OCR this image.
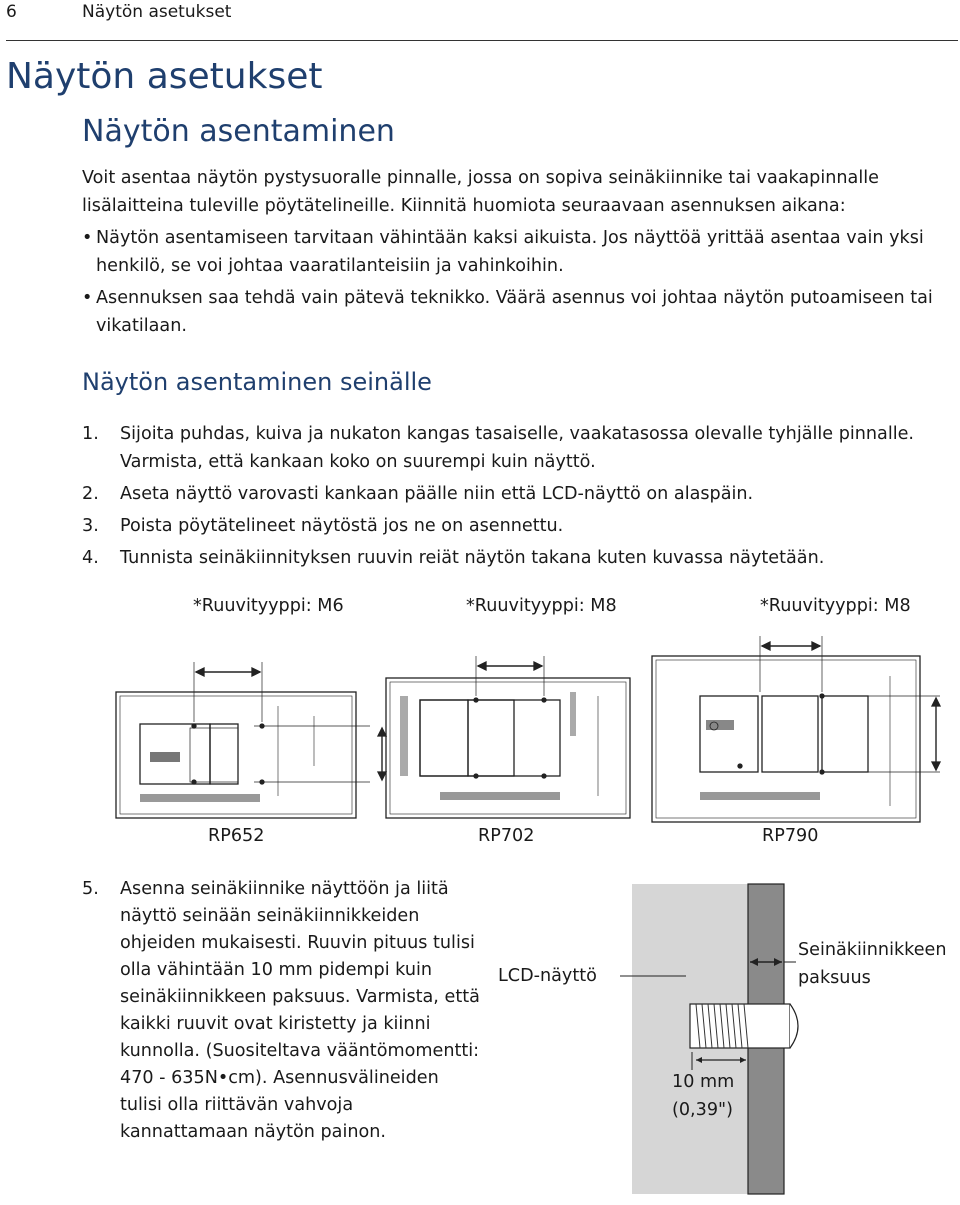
6	Näytön asetukset
Näytön asetukset
Näytön asentaminen

Voit asentaa näytön pystysuoralle pinnalle, jossa on sopiva seinäkiinnike tai vaakapinnalle lisälaitteina tuleville pöytätelineille. Kiinnitä huomiota seuraavaan asennuksen aikana:

• Näytön asentamiseen tarvitaan vähintään kaksi aikuista. Jos näyttöä yrittää asentaa vain yksi henkilö, se voi johtaa vaaratilanteisiin ja vahinkoihin.
• Asennuksen saa tehdä vain pätevä teknikko. Väärä asennus voi johtaa näytön putoamiseen tai vikatilaan.
Näytön asentaminen seinälle
1. Sijoita puhdas, kuiva ja nukaton kangas tasaiselle, vaakatasossa olevalle tyhjälle pinnalle. Varmista, että kankaan koko on suurempi kuin näyttö.
2. Aseta näyttö varovasti kankaan päälle niin että LCD-näyttö on alaspäin.
3. Poista pöytätelineet näytöstä jos ne on asennettu.
4. Tunnista seinäkiinnityksen ruuvin reiät näytön takana kuten kuvassa näytetään.
*Ruuvityyppi: M6	*Ruuvityyppi: M8	*Ruuvityyppi: M8
RP652	RP702	RP790
5. Asenna seinäkiinnike näyttöön ja liitä näyttö seinään seinäkiinnikkeiden ohjeiden mukaisesti. Ruuvin pituus tulisi olla vähintään 10 mm pidempi kuin seinäkiinnikkeen paksuus. Varmista, että kaikki ruuvit ovat kiristetty ja kiinni kunnolla. (Suositeltava vääntömomentti: 470 - 635N•cm). Asennusvälineiden tulisi olla riittävän vahvoja kannattamaan näytön painon.
LCD-näyttö
Seinäkiinnikkeen
paksuus
10 mm
(0,39")
